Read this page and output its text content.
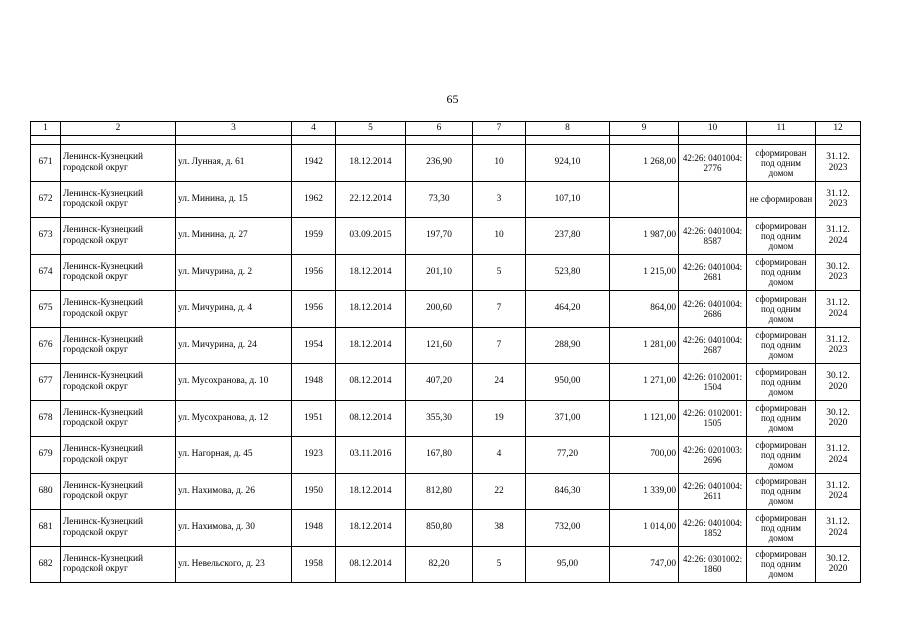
65
1	2	3	4	5	6	7	8	9	10	11	12

671	Ленинск-Кузнецкий городской округ	ул. Лунная, д. 61	1942	18.12.2014	236,90	10	924,10	1 268,00	42:26: 0401004: 2776	сформирован под одним домом	31.12. 2023
672	Ленинск-Кузнецкий городской округ	ул. Минина, д. 15	1962	22.12.2014	73,30	3	107,10			не сформирован	31.12. 2023
673	Ленинск-Кузнецкий городской округ	ул. Минина, д. 27	1959	03.09.2015	197,70	10	237,80	1 987,00	42:26: 0401004: 8587	сформирован под одним домом	31.12. 2024
674	Ленинск-Кузнецкий городской округ	ул. Мичурина, д. 2	1956	18.12.2014	201,10	5	523,80	1 215,00	42:26: 0401004: 2681	сформирован под одним домом	30.12. 2023
675	Ленинск-Кузнецкий городской округ	ул. Мичурина, д. 4	1956	18.12.2014	200,60	7	464,20	864,00	42:26: 0401004: 2686	сформирован под одним домом	31.12. 2024
676	Ленинск-Кузнецкий городской округ	ул. Мичурина, д. 24	1954	18.12.2014	121,60	7	288,90	1 281,00	42:26: 0401004: 2687	сформирован под одним домом	31.12. 2023
677	Ленинск-Кузнецкий городской округ	ул. Мусохранова, д. 10	1948	08.12.2014	407,20	24	950,00	1 271,00	42:26: 0102001: 1504	сформирован под одним домом	30.12. 2020
678	Ленинск-Кузнецкий городской округ	ул. Мусохранова, д. 12	1951	08.12.2014	355,30	19	371,00	1 121,00	42:26: 0102001: 1505	сформирован под одним домом	30.12. 2020
679	Ленинск-Кузнецкий городской округ	ул. Нагорная, д. 45	1923	03.11.2016	167,80	4	77,20	700,00	42:26: 0201003: 2696	сформирован под одним домом	31.12. 2024
680	Ленинск-Кузнецкий городской округ	ул. Нахимова, д. 26	1950	18.12.2014	812,80	22	846,30	1 339,00	42:26: 0401004: 2611	сформирован под одним домом	31.12. 2024
681	Ленинск-Кузнецкий городской округ	ул. Нахимова, д. 30	1948	18.12.2014	850,80	38	732,00	1 014,00	42:26: 0401004: 1852	сформирован под одним домом	31.12. 2024
682	Ленинск-Кузнецкий городской округ	ул. Невельского, д. 23	1958	08.12.2014	82,20	5	95,00	747,00	42:26: 0301002: 1860	сформирован под одним домом	30.12. 2020
